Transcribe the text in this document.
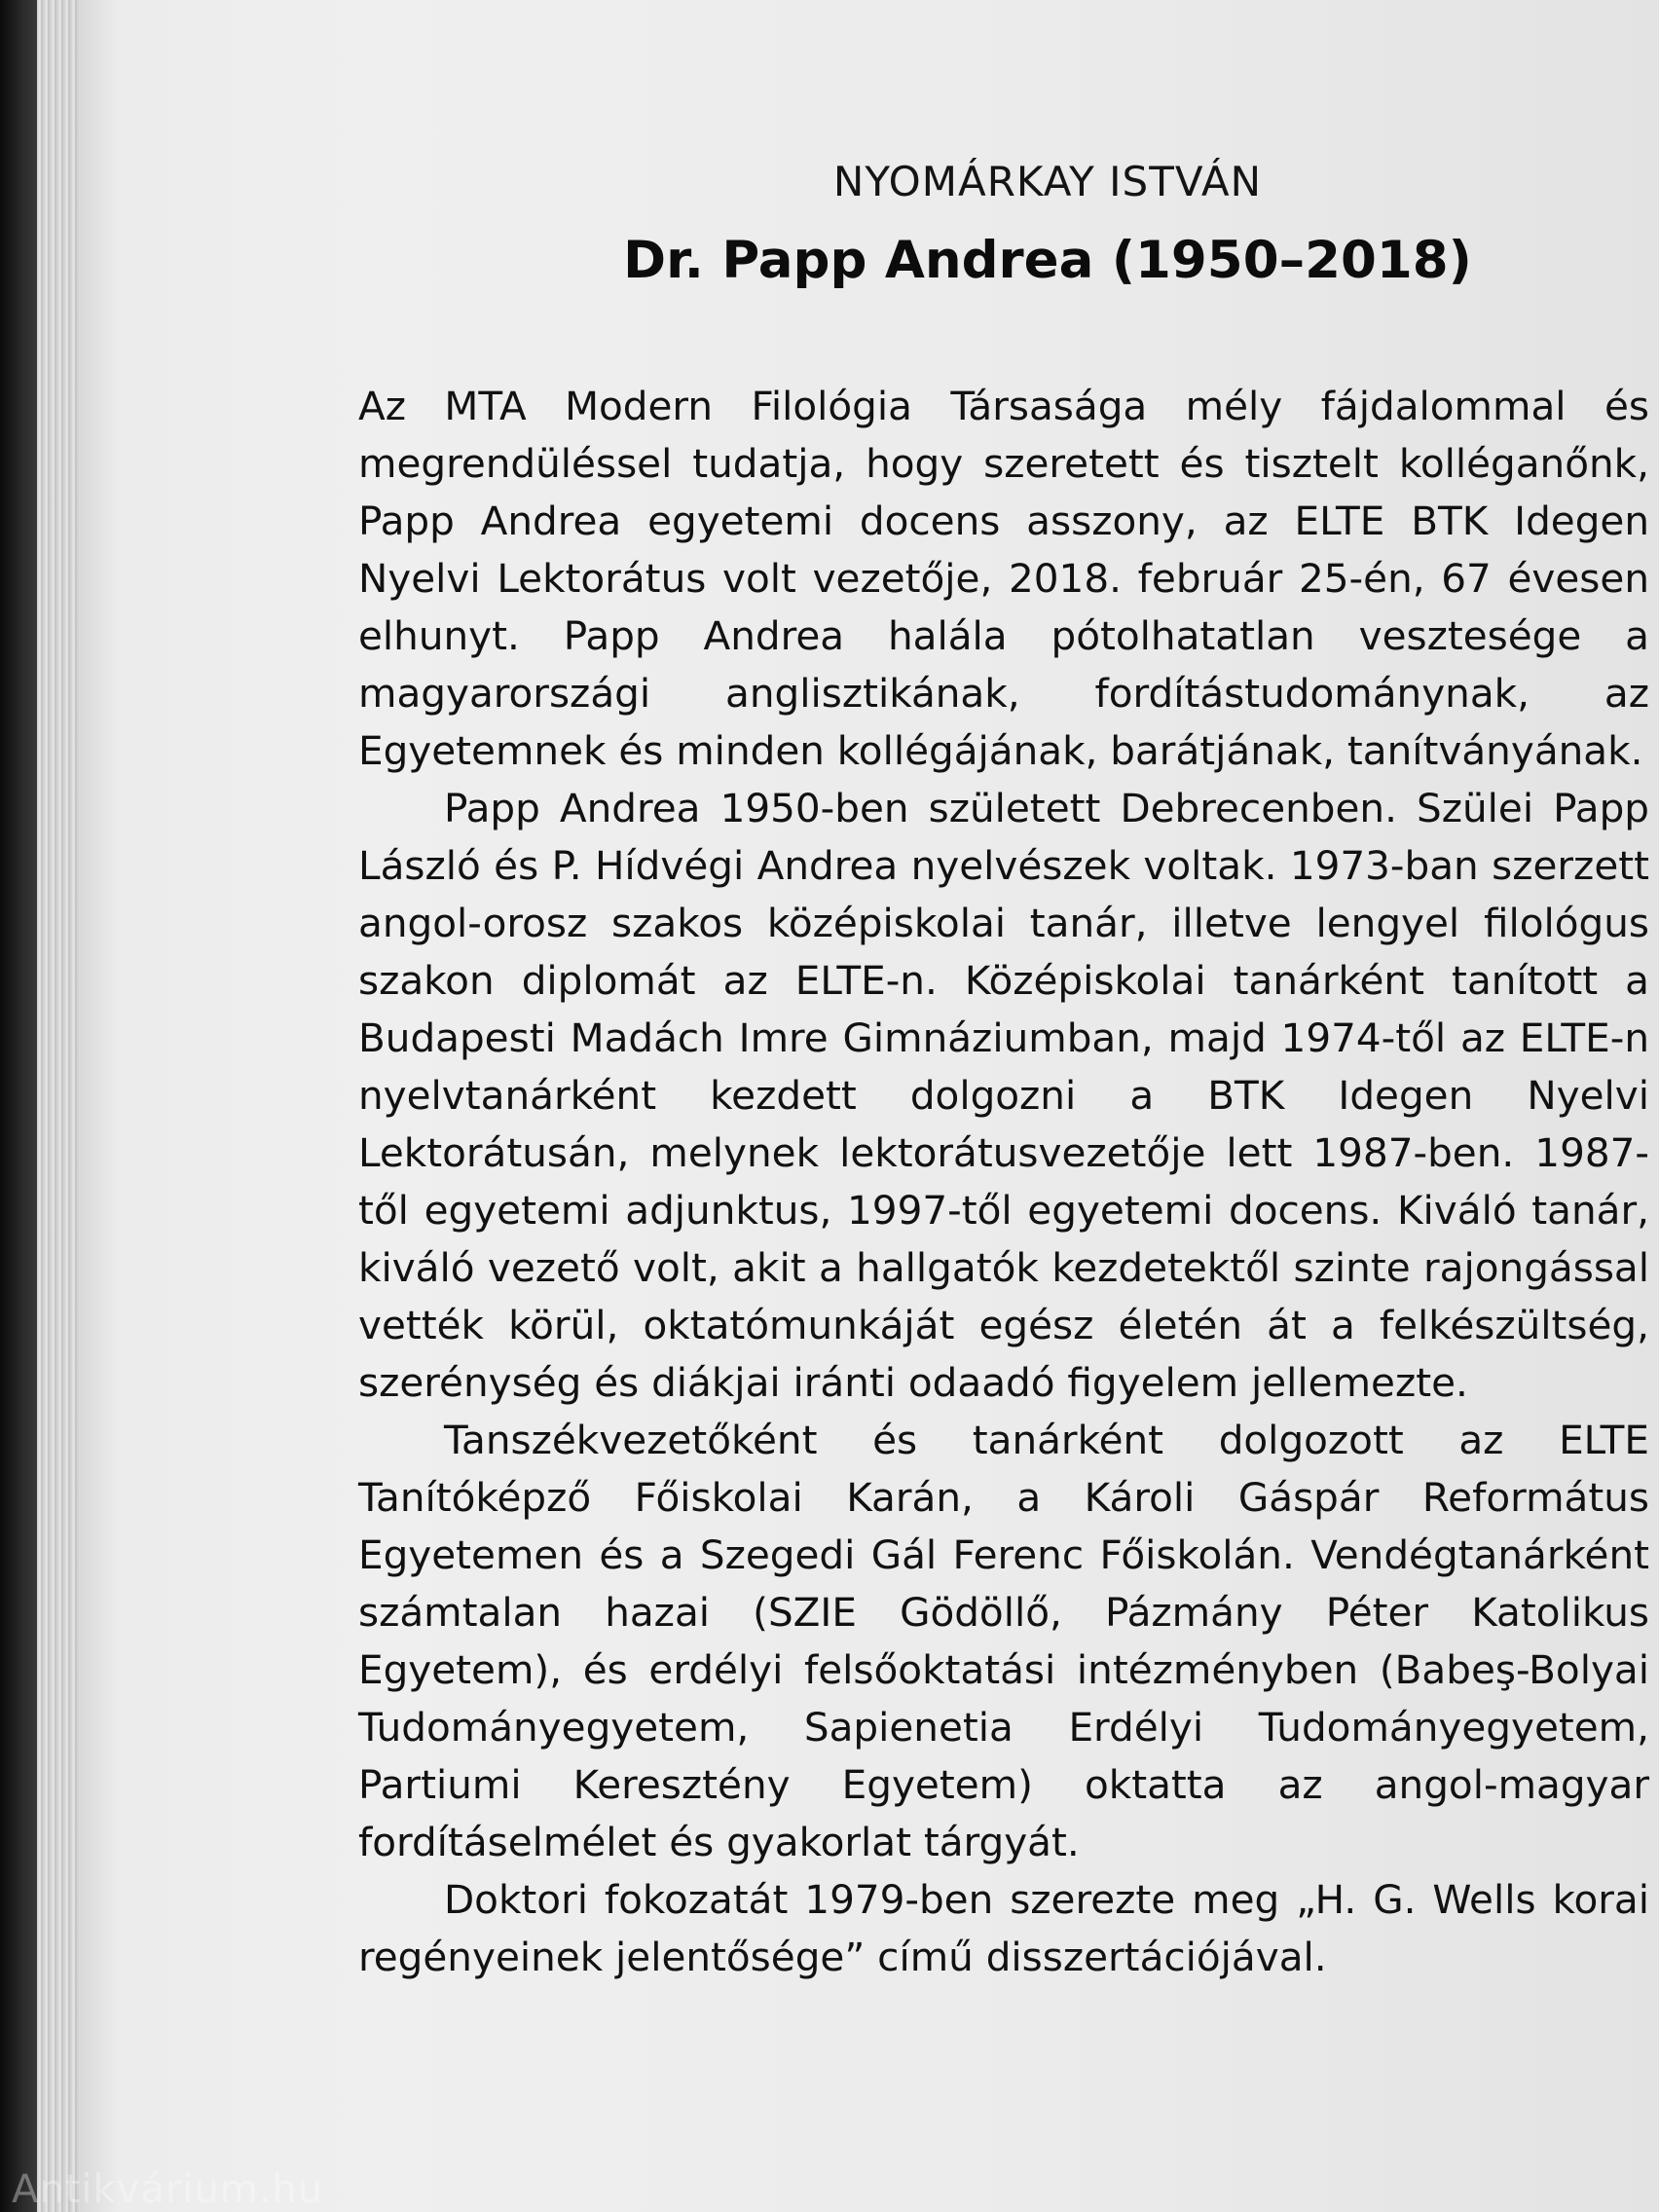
NYOMÁRKAY ISTVÁN
Dr. Papp Andrea (1950–2018)

Az MTA Modern Filológia Társasága mély fájdalommal és megrendüléssel tudatja, hogy szeretett és tisztelt kolléganőnk, Papp Andrea egyetemi docens asszony, az ELTE BTK Idegen Nyelvi Lektorátus volt vezetője, 2018. február 25-én, 67 évesen elhunyt. Papp Andrea halála pótolhatatlan vesztesége a magyarországi anglisztikának, fordítástudománynak, az Egyetemnek és minden kollégájának, barátjának, tanítványának.

Papp Andrea 1950-ben született Debrecenben. Szülei Papp László és P. Hídvégi Andrea nyelvészek voltak. 1973-ban szerzett angol-orosz szakos középiskolai tanár, illetve lengyel filológus szakon diplomát az ELTE-n. Középiskolai tanárként tanított a Budapesti Madách Imre Gimnáziumban, majd 1974-től az ELTE-n nyelvtanárként kezdett dolgozni a BTK Idegen Nyelvi Lektorátusán, melynek lektorátusvezetője lett 1987-ben. 1987-től egyetemi adjunktus, 1997-től egyetemi docens. Kiváló tanár, kiváló vezető volt, akit a hallgatók kezdetektől szinte rajongással vették körül, oktatómunkáját egész életén át a felkészültség, szerénység és diákjai iránti odaadó figyelem jellemezte.

Tanszékvezetőként és tanárként dolgozott az ELTE Tanítóképző Főiskolai Karán, a Károli Gáspár Református Egyetemen és a Szegedi Gál Ferenc Főiskolán. Vendégtanárként számtalan hazai (SZIE Gödöllő, Pázmány Péter Katolikus Egyetem), és erdélyi felsőoktatási intézményben (Babeş-Bolyai Tudományegyetem, Sapienetia Erdélyi Tudományegyetem, Partiumi Keresztény Egyetem) oktatta az angol-magyar fordításelmélet és gyakorlat tárgyát.

Doktori fokozatát 1979-ben szerezte meg „H. G. Wells korai regényeinek jelentősége” című disszertációjával.

Antikvárium.hu
